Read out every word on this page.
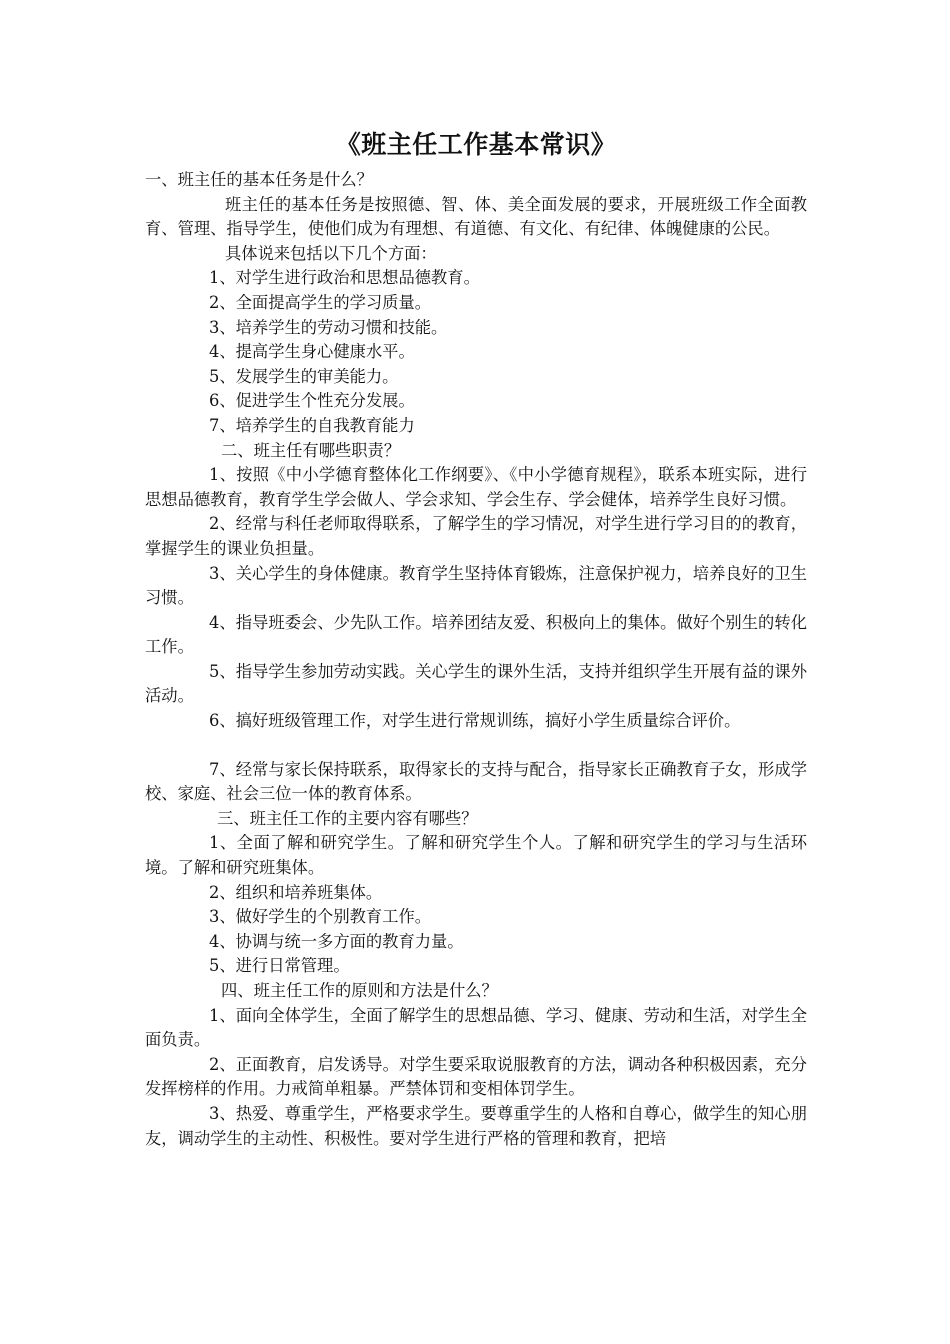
《班主任工作基本常识》

一、班主任的基本任务是什么？

班主任的基本任务是按照德、智、体、美全面发展的要求，开展班级工作全面教育、管理、指导学生，使他们成为有理想、有道德、有文化、有纪律、体魄健康的公民。

具体说来包括以下几个方面：

1、对学生进行政治和思想品德教育。

2、全面提高学生的学习质量。

3、培养学生的劳动习惯和技能。

4、提高学生身心健康水平。

5、发展学生的审美能力。

6、促进学生个性充分发展。

7、培养学生的自我教育能力

二、班主任有哪些职责？

1、按照《中小学德育整体化工作纲要》、《中小学德育规程》，联系本班实际，进行思想品德教育，教育学生学会做人、学会求知、学会生存、学会健体，培养学生良好习惯。

2、经常与科任老师取得联系，了解学生的学习情况，对学生进行学习目的的教育，掌握学生的课业负担量。

3、关心学生的身体健康。教育学生坚持体育锻炼，注意保护视力，培养良好的卫生习惯。

4、指导班委会、少先队工作。培养团结友爱、积极向上的集体。做好个别生的转化工作。

5、指导学生参加劳动实践。关心学生的课外生活，支持并组织学生开展有益的课外活动。

6、搞好班级管理工作，对学生进行常规训练，搞好小学生质量综合评价。

7、经常与家长保持联系，取得家长的支持与配合，指导家长正确教育子女，形成学校、家庭、社会三位一体的教育体系。

三、班主任工作的主要内容有哪些？

1、全面了解和研究学生。了解和研究学生个人。了解和研究学生的学习与生活环境。了解和研究班集体。

2、组织和培养班集体。

3、做好学生的个别教育工作。

4、协调与统一多方面的教育力量。

5、进行日常管理。

四、班主任工作的原则和方法是什么？

1、面向全体学生，全面了解学生的思想品德、学习、健康、劳动和生活，对学生全面负责。

2、正面教育，启发诱导。对学生要采取说服教育的方法，调动各种积极因素，充分发挥榜样的作用。力戒简单粗暴。严禁体罚和变相体罚学生。

3、热爱、尊重学生，严格要求学生。要尊重学生的人格和自尊心，做学生的知心朋友，调动学生的主动性、积极性。要对学生进行严格的管理和教育，把培
